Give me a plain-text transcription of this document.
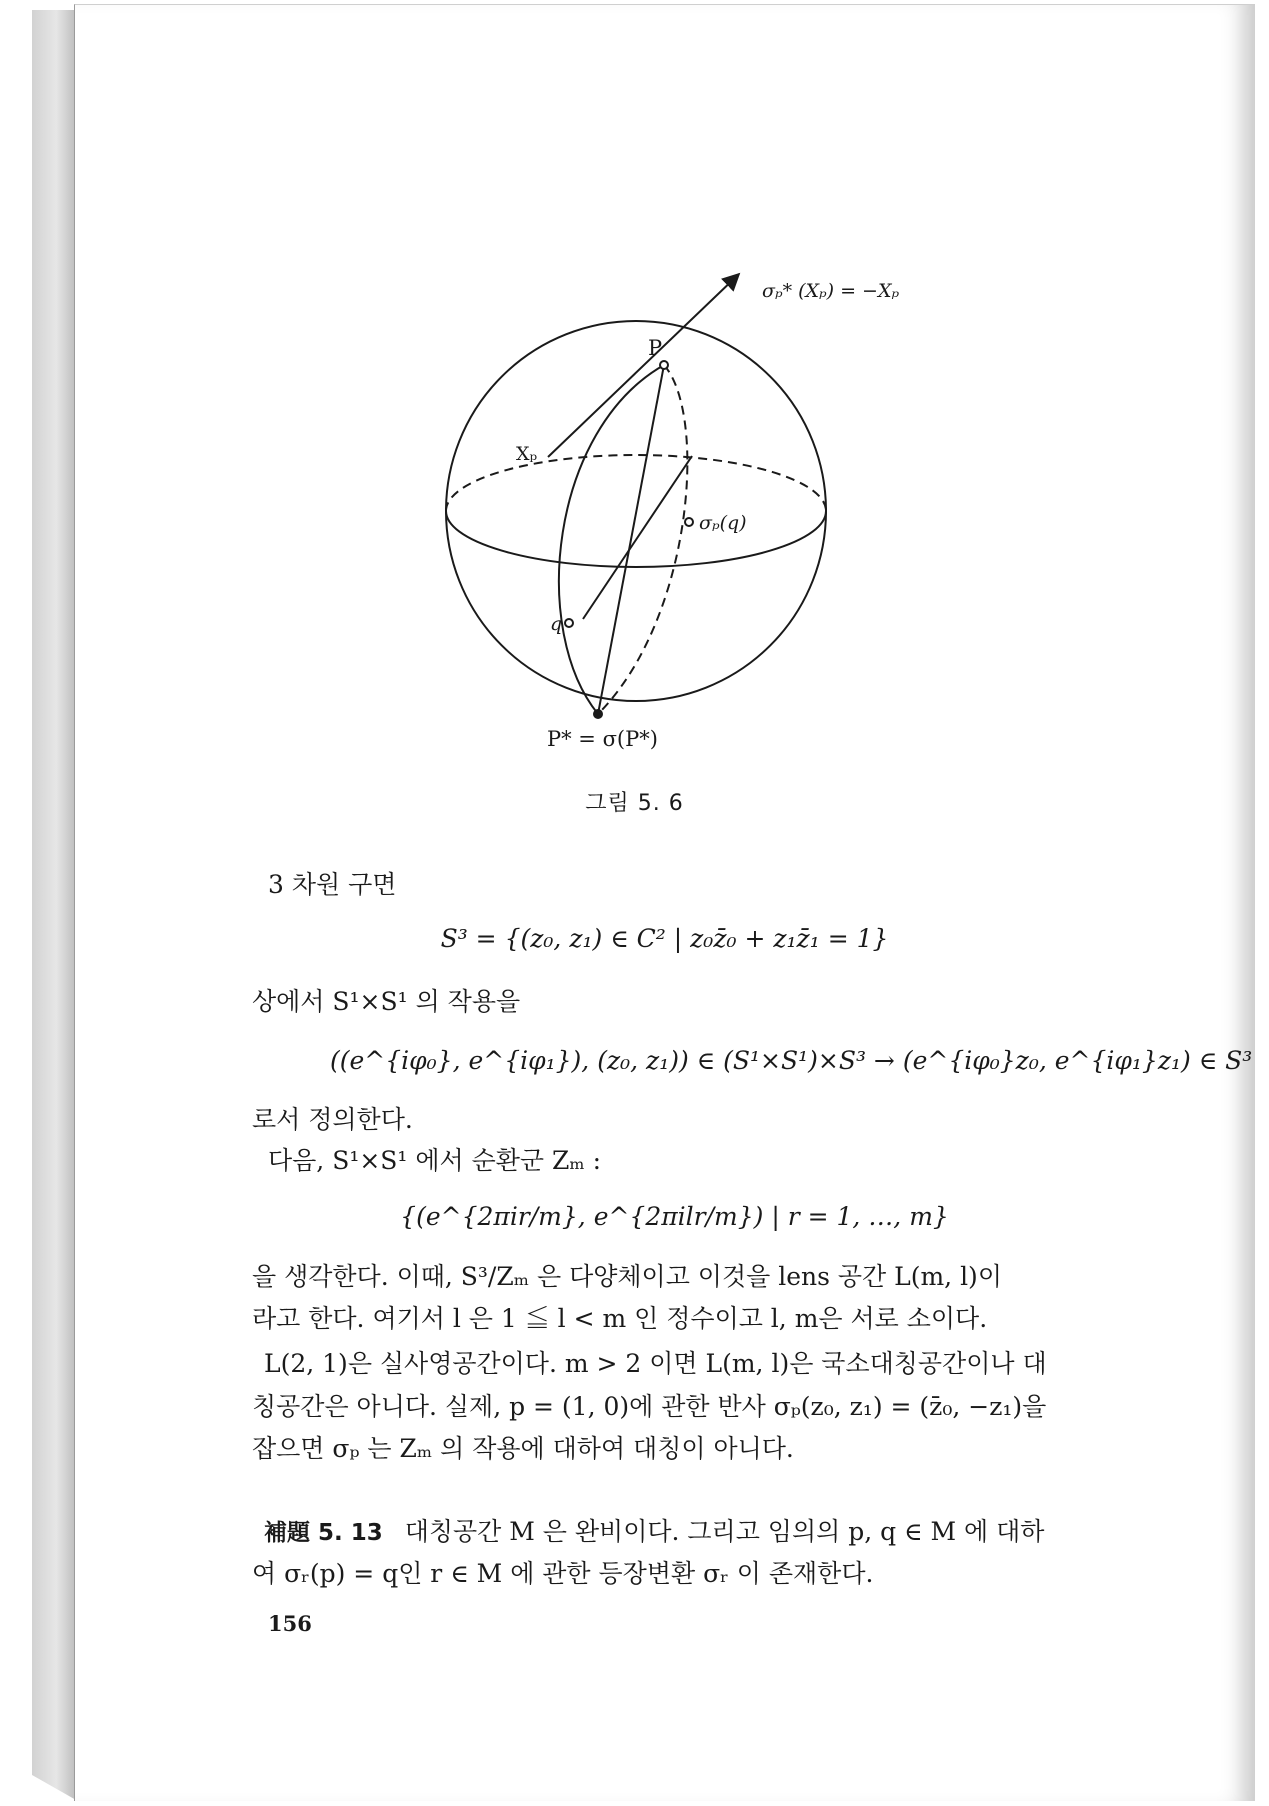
σₚ* (Xₚ) = −Xₚ
P
Xₚ
σₚ(q)
q
P* = σ(P*)
그림 5. 6
3 차원 구면
S³ = {(z₀, z₁) ∈ C² | z₀z̄₀ + z₁z̄₁ = 1}
상에서 S¹×S¹ 의 작용을
((e^{iφ₀}, e^{iφ₁}), (z₀, z₁)) ∈ (S¹×S¹)×S³ → (e^{iφ₀}z₀, e^{iφ₁}z₁) ∈ S³
로서 정의한다.
다음, S¹×S¹ 에서 순환군 Zₘ :
{(e^{2πir/m}, e^{2πilr/m}) | r = 1, …, m}
을 생각한다. 이때, S³/Zₘ 은 다양체이고 이것을 lens 공간 L(m, l)이
라고 한다. 여기서 l 은 1 ≦ l < m 인 정수이고 l, m은 서로 소이다.
L(2, 1)은 실사영공간이다. m > 2 이면 L(m, l)은 국소대칭공간이나 대
칭공간은 아니다. 실제, p = (1, 0)에 관한 반사 σₚ(z₀, z₁) = (z̄₀, −z₁)을
잡으면 σₚ 는 Zₘ 의 작용에 대하여 대칭이 아니다.
補題 5. 13 대칭공간 M 은 완비이다. 그리고 임의의 p, q ∈ M 에 대하
여 σᵣ(p) = q인 r ∈ M 에 관한 등장변환 σᵣ 이 존재한다.
156
